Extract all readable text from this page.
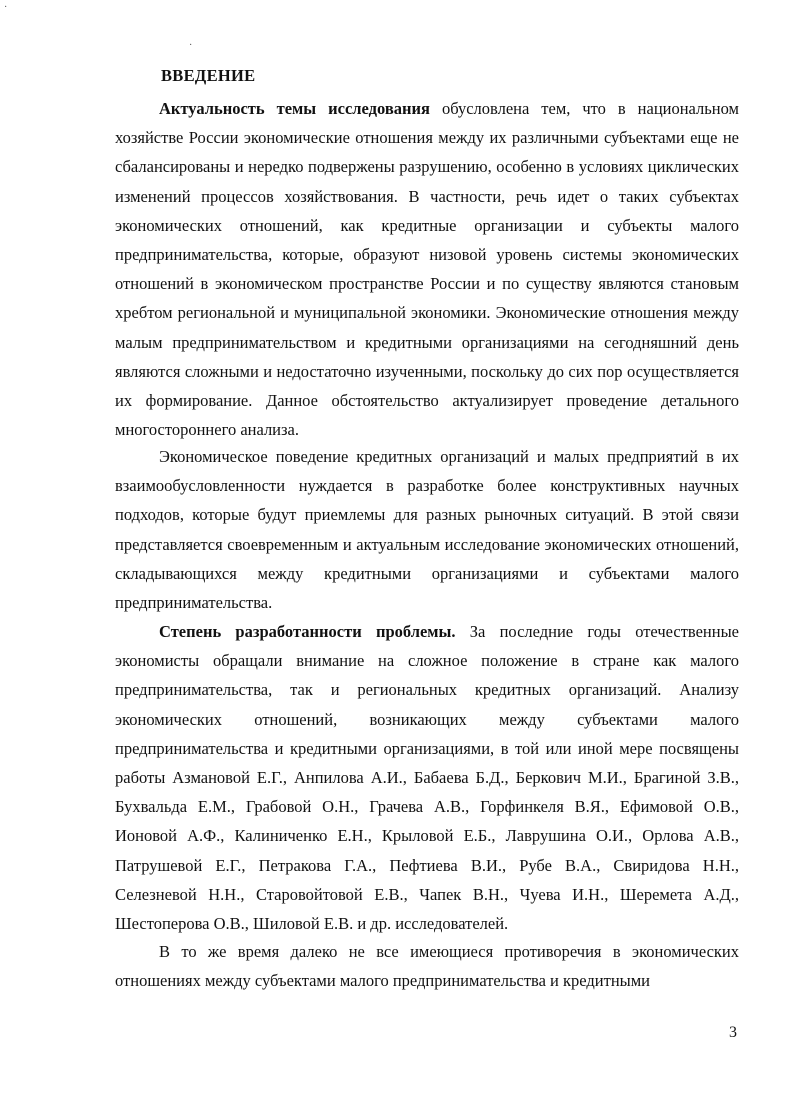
·
·
ВВЕДЕНИЕ

Актуальность темы исследования обусловлена тем, что в национальном хозяйстве России экономические отношения между их различными субъектами еще не сбалансированы и нередко подвержены разрушению, особенно в условиях циклических изменений процессов хозяйствования. В частности, речь идет о таких субъектах экономических отношений, как кредитные организации и субъекты малого предпринимательства, которые, образуют низовой уровень системы экономических отношений в экономическом пространстве России и по существу являются становым хребтом региональной и муниципальной экономики. Экономические отношения между малым предпринимательством и кредитными организациями на сегодняшний день являются сложными и недостаточно изученными, поскольку до сих пор осуществляется их формирование. Данное обстоятельство актуализирует проведение детального многостороннего анализа.

Экономическое поведение кредитных организаций и малых предприятий в их взаимообусловленности нуждается в разработке более конструктивных научных подходов, которые будут приемлемы для разных рыночных ситуаций. В этой связи представляется своевременным и актуальным исследование экономических отношений, складывающихся между кредитными организациями и субъектами малого предпринимательства.

Степень разработанности проблемы. За последние годы отечественные экономисты обращали внимание на сложное положение в стране как малого предпринимательства, так и региональных кредитных организаций. Анализу экономических отношений, возникающих между субъектами малого предпринимательства и кредитными организациями, в той или иной мере посвящены работы Азмановой Е.Г., Анпилова А.И., Бабаева Б.Д., Беркович М.И., Брагиной З.В., Бухвальда Е.М., Грабовой О.Н., Грачева А.В., Горфинкеля В.Я., Ефимовой О.В., Ионовой А.Ф., Калиниченко Е.Н., Крыловой Е.Б., Лаврушина О.И., Орлова А.В., Патрушевой Е.Г., Петракова Г.А., Пефтиева В.И., Рубе В.А., Свиридова Н.Н., Селезневой Н.Н., Старовойтовой Е.В., Чапек В.Н., Чуева И.Н., Шеремета А.Д., Шестоперова О.В., Шиловой Е.В. и др. исследователей.

В то же время далеко не все имеющиеся противоречия в экономических отношениях между субъектами малого предпринимательства и кредитными

3
